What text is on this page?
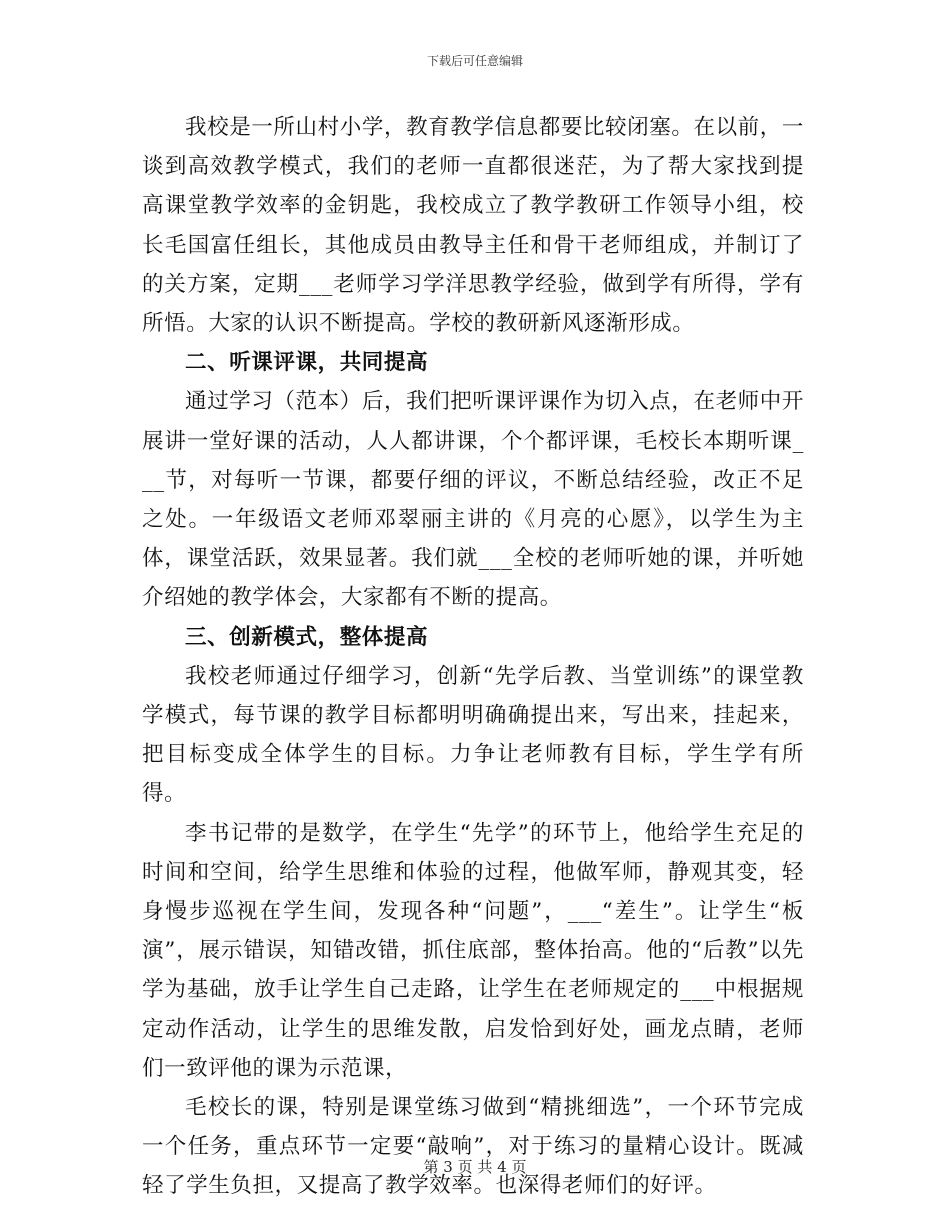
下载后可任意编辑

我校是一所山村小学，教育教学信息都要比较闭塞。在以前，一谈到高效教学模式，我们的老师一直都很迷茫，为了帮大家找到提高课堂教学效率的金钥匙，我校成立了教学教研工作领导小组，校长毛国富任组长，其他成员由教导主任和骨干老师组成，并制订了的关方案，定期___老师学习学洋思教学经验，做到学有所得，学有所悟。大家的认识不断提高。学校的教研新风逐渐形成。

二、听课评课，共同提高

通过学习（范本）后，我们把听课评课作为切入点，在老师中开展讲一堂好课的活动，人人都讲课，个个都评课，毛校长本期听课___节，对每听一节课，都要仔细的评议，不断总结经验，改正不足之处。一年级语文老师邓翠丽主讲的《月亮的心愿》，以学生为主体，课堂活跃，效果显著。我们就___全校的老师听她的课，并听她介绍她的教学体会，大家都有不断的提高。

三、创新模式，整体提高

我校老师通过仔细学习，创新“先学后教、当堂训练”的课堂教学模式，每节课的教学目标都明明确确提出来，写出来，挂起来，把目标变成全体学生的目标。力争让老师教有目标，学生学有所得。

李书记带的是数学，在学生“先学”的环节上，他给学生充足的时间和空间，给学生思维和体验的过程，他做军师，静观其变，轻身慢步巡视在学生间，发现各种“问题”，___“差生”。让学生“板演”，展示错误，知错改错，抓住底部，整体抬高。他的“后教”以先学为基础，放手让学生自己走路，让学生在老师规定的___中根据规定动作活动，让学生的思维发散，启发恰到好处，画龙点睛，老师们一致评他的课为示范课，

毛校长的课，特别是课堂练习做到“精挑细选”，一个环节完成一个任务，重点环节一定要“敲响”，对于练习的量精心设计。既减轻了学生负担，又提高了教学效率。也深得老师们的好评。

第 3 页 共 4 页
